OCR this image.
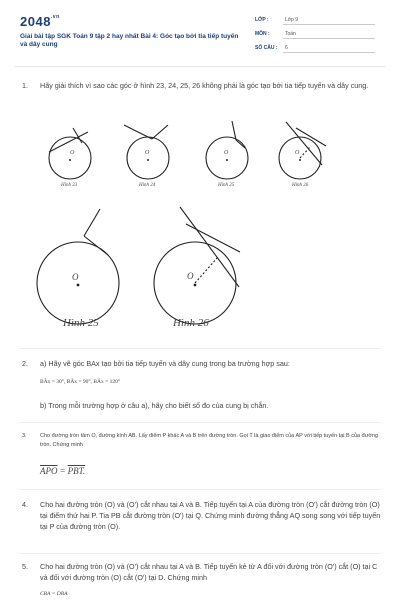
$2048^{.vn}$
Giải bài tập SGK Toán 9 tập 2 hay nhất Bài 4: Góc tạo bởi tia tiếp tuyến và dây cung
LỚP :	Lớp 9
MÔN :	Toán
SỐ CÂU : 6
1. Hãy giải thích vì sao các góc ở hình 23, 24, 25, 26 không phải là góc tạo bởi tia tiếp tuyến và dây cung.
O	O	O	O
O	O
Hình 23	Hình 24	Hình 25	Hình 26
Hình 25	Hình 26
2. a) Hãy vẽ góc BAx tạo bởi tia tiếp tuyến và dây cung trong ba trường hợp sau:
BÂx = 30°, BÂx = 90°, BÂx = 120°
b) Trong mỗi trường hợp ở câu a), hãy cho biết số đo của cung bị chắn.
3. Cho đường tròn tâm O, đường kính AB. Lấy điểm P khác A và B trên đường tròn. Gọi T là giao điểm của AP với tiếp tuyến tại B của đường tròn. Chứng minh
$\overline{APO}$ = PBT.
4. Cho hai đường tròn (O) và (O') cắt nhau tại A và B. Tiếp tuyến tại A của đường tròn (O') cắt đường tròn (O) tại điểm thứ hai P. Tia PB cắt đường tròn (O') tại Q. Chứng minh đường thẳng AQ song song với tiếp tuyến tại P của đường tròn (O).
5. Cho hai đường tròn (O) và (O') cắt nhau tại A và B. Tiếp tuyến kẻ từ A đối với đường tròn (O') cắt (O) tại C và đối với đường tròn (O) cắt (O') tại D. Chứng minh
CBA = DBA
